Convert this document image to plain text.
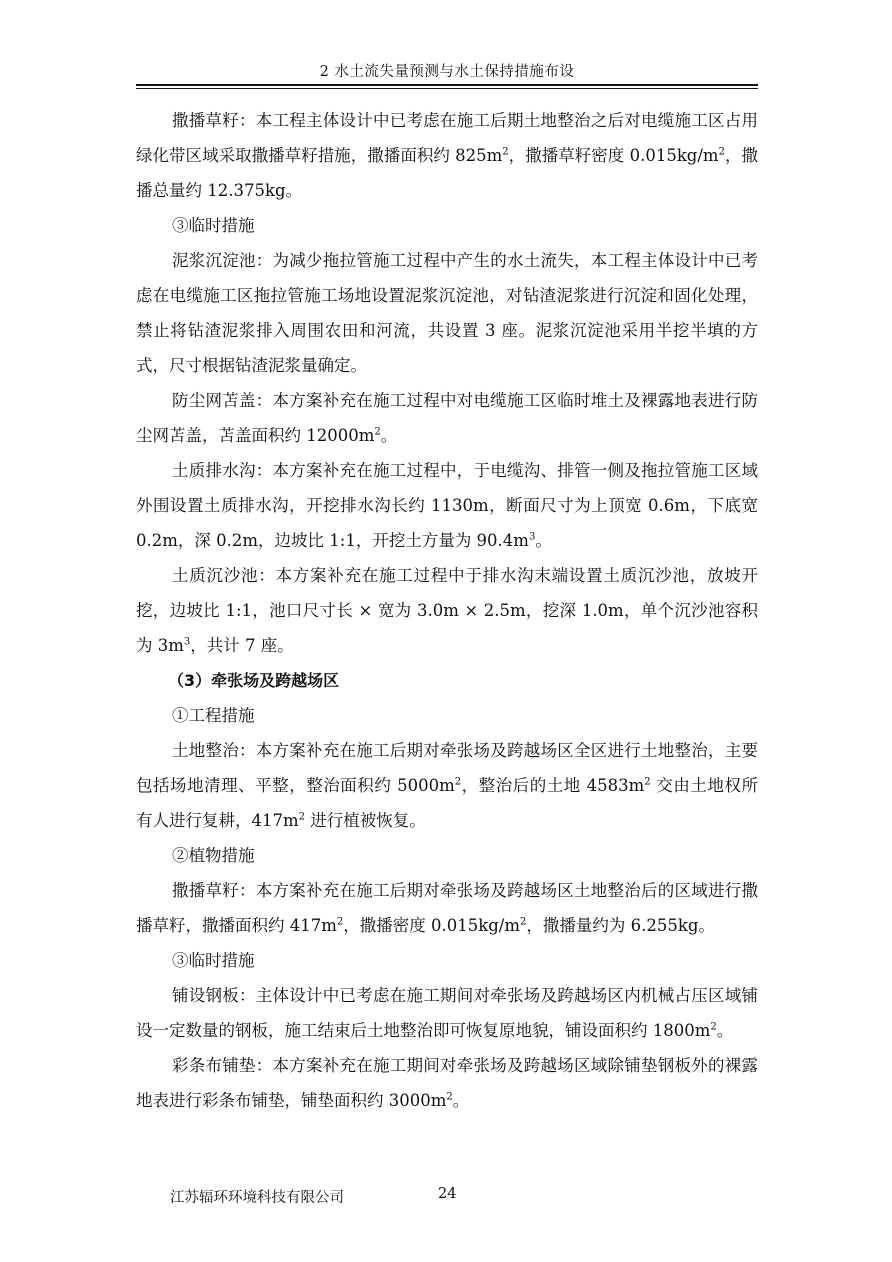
2 水土流失量预测与水土保持措施布设

撒播草籽：本工程主体设计中已考虑在施工后期土地整治之后对电缆施工区占用绿化带区域采取撒播草籽措施，撒播面积约 $825m^2$，撒播草籽密度 $0.015kg/m^2$，撒播总量约 12.375kg。

③临时措施

泥浆沉淀池：为减少拖拉管施工过程中产生的水土流失，本工程主体设计中已考虑在电缆施工区拖拉管施工场地设置泥浆沉淀池，对钻渣泥浆进行沉淀和固化处理，禁止将钻渣泥浆排入周围农田和河流，共设置 3 座。泥浆沉淀池采用半挖半填的方式，尺寸根据钻渣泥浆量确定。

防尘网苫盖：本方案补充在施工过程中对电缆施工区临时堆土及裸露地表进行防尘网苫盖，苫盖面积约 $12000m^2$。

土质排水沟：本方案补充在施工过程中，于电缆沟、排管一侧及拖拉管施工区域外围设置土质排水沟，开挖排水沟长约 1130m，断面尺寸为上顶宽 0.6m，下底宽 0.2m，深 0.2m，边坡比 1:1，开挖土方量为 $90.4m^3$。

土质沉沙池：本方案补充在施工过程中于排水沟末端设置土质沉沙池，放坡开挖，边坡比 1:1，池口尺寸长 × 宽为 3.0m × 2.5m，挖深 1.0m，单个沉沙池容积为 $3m^3$，共计 7 座。

（3）牵张场及跨越场区

①工程措施

土地整治：本方案补充在施工后期对牵张场及跨越场区全区进行土地整治，主要包括场地清理、平整，整治面积约 $5000m^2$，整治后的土地 $4583m^2$ 交由土地权所有人进行复耕，$417m^2$ 进行植被恢复。

②植物措施

撒播草籽：本方案补充在施工后期对牵张场及跨越场区土地整治后的区域进行撒播草籽，撒播面积约 $417m^2$，撒播密度 $0.015kg/m^2$，撒播量约为 6.255kg。

③临时措施

铺设钢板：主体设计中已考虑在施工期间对牵张场及跨越场区内机械占压区域铺设一定数量的钢板，施工结束后土地整治即可恢复原地貌，铺设面积约 $1800m^2$。

彩条布铺垫：本方案补充在施工期间对牵张场及跨越场区域除铺垫钢板外的裸露地表进行彩条布铺垫，铺垫面积约 $3000m^2$。

江苏辐环环境科技有限公司	24
